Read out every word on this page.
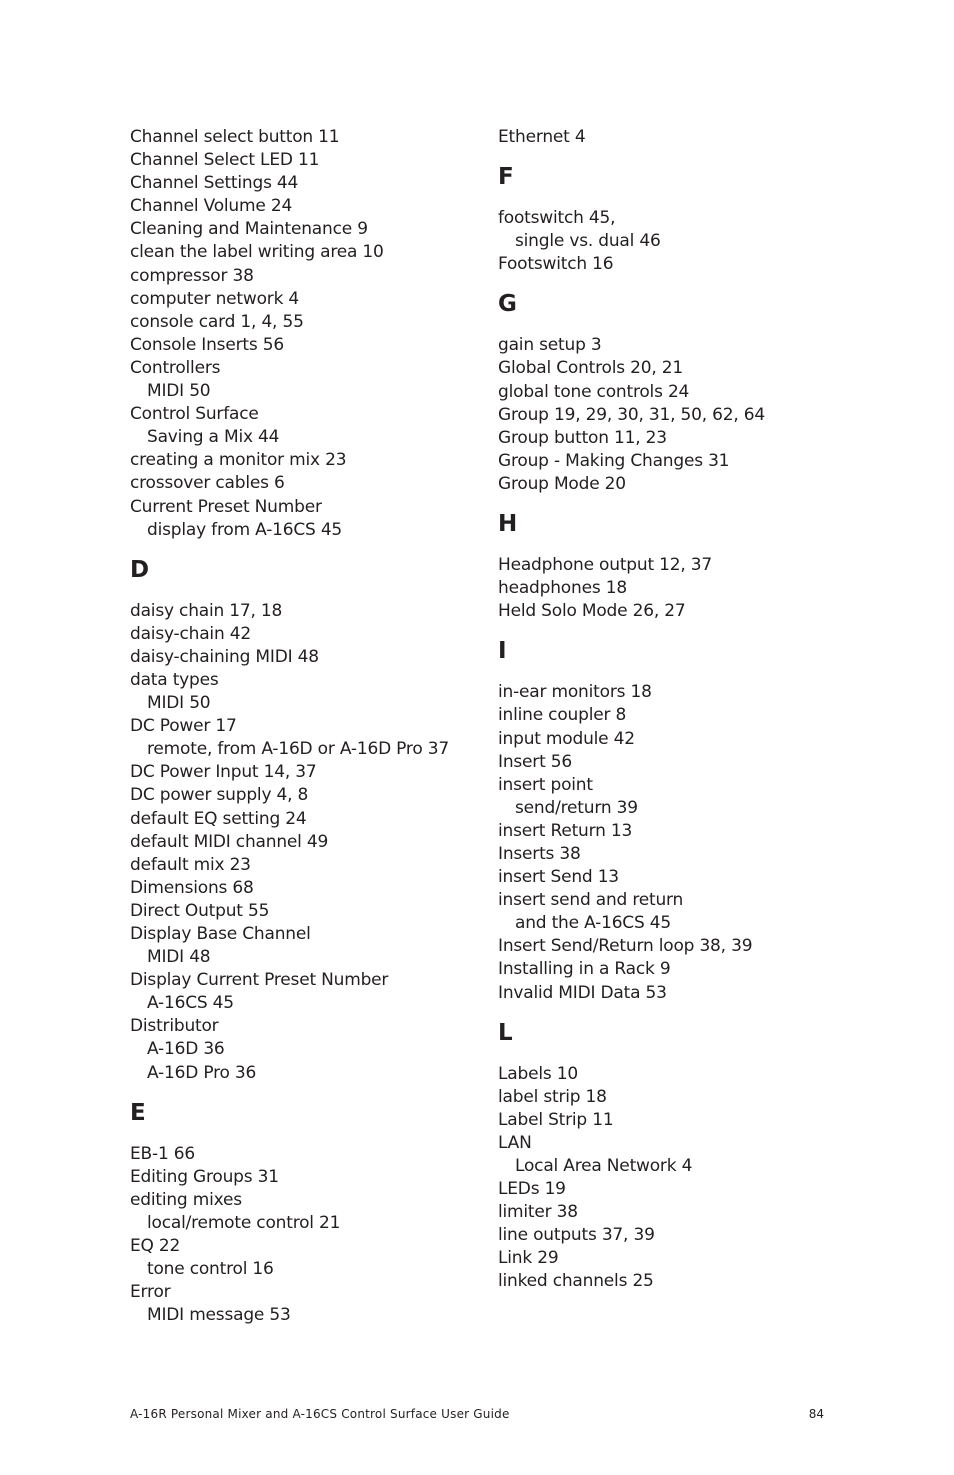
Channel select button 11
Channel Select LED 11
Channel Settings 44
Channel Volume 24
Cleaning and Maintenance 9
clean the label writing area 10
compressor 38
computer network 4
console card 1, 4, 55
Console Inserts 56
Controllers
MIDI 50
Control Surface
Saving a Mix 44
creating a monitor mix 23
crossover cables 6
Current Preset Number
display from A-16CS 45
D
daisy chain 17, 18
daisy-chain 42
daisy-chaining MIDI 48
data types
MIDI 50
DC Power 17
remote, from A-16D or A-16D Pro 37
DC Power Input 14, 37
DC power supply 4, 8
default EQ setting 24
default MIDI channel 49
default mix 23
Dimensions 68
Direct Output 55
Display Base Channel
MIDI 48
Display Current Preset Number
A-16CS 45
Distributor
A-16D 36
A-16D Pro 36
E
EB-1 66
Editing Groups 31
editing mixes
local/remote control 21
EQ 22
tone control 16
Error
MIDI message 53
Ethernet 4
F
footswitch 45,
single vs. dual 46
Footswitch 16
G
gain setup 3
Global Controls 20, 21
global tone controls 24
Group 19, 29, 30, 31, 50, 62, 64
Group button 11, 23
Group - Making Changes 31
Group Mode 20
H
Headphone output 12, 37
headphones 18
Held Solo Mode 26, 27
I
in-ear monitors 18
inline coupler 8
input module 42
Insert 56
insert point
send/return 39
insert Return 13
Inserts 38
insert Send 13
insert send and return
and the A-16CS 45
Insert Send/Return loop 38, 39
Installing in a Rack 9
Invalid MIDI Data 53
L
Labels 10
label strip 18
Label Strip 11
LAN
Local Area Network 4
LEDs 19
limiter 38
line outputs 37, 39
Link 29
linked channels 25
A-16R Personal Mixer and A-16CS Control Surface User Guide	84
